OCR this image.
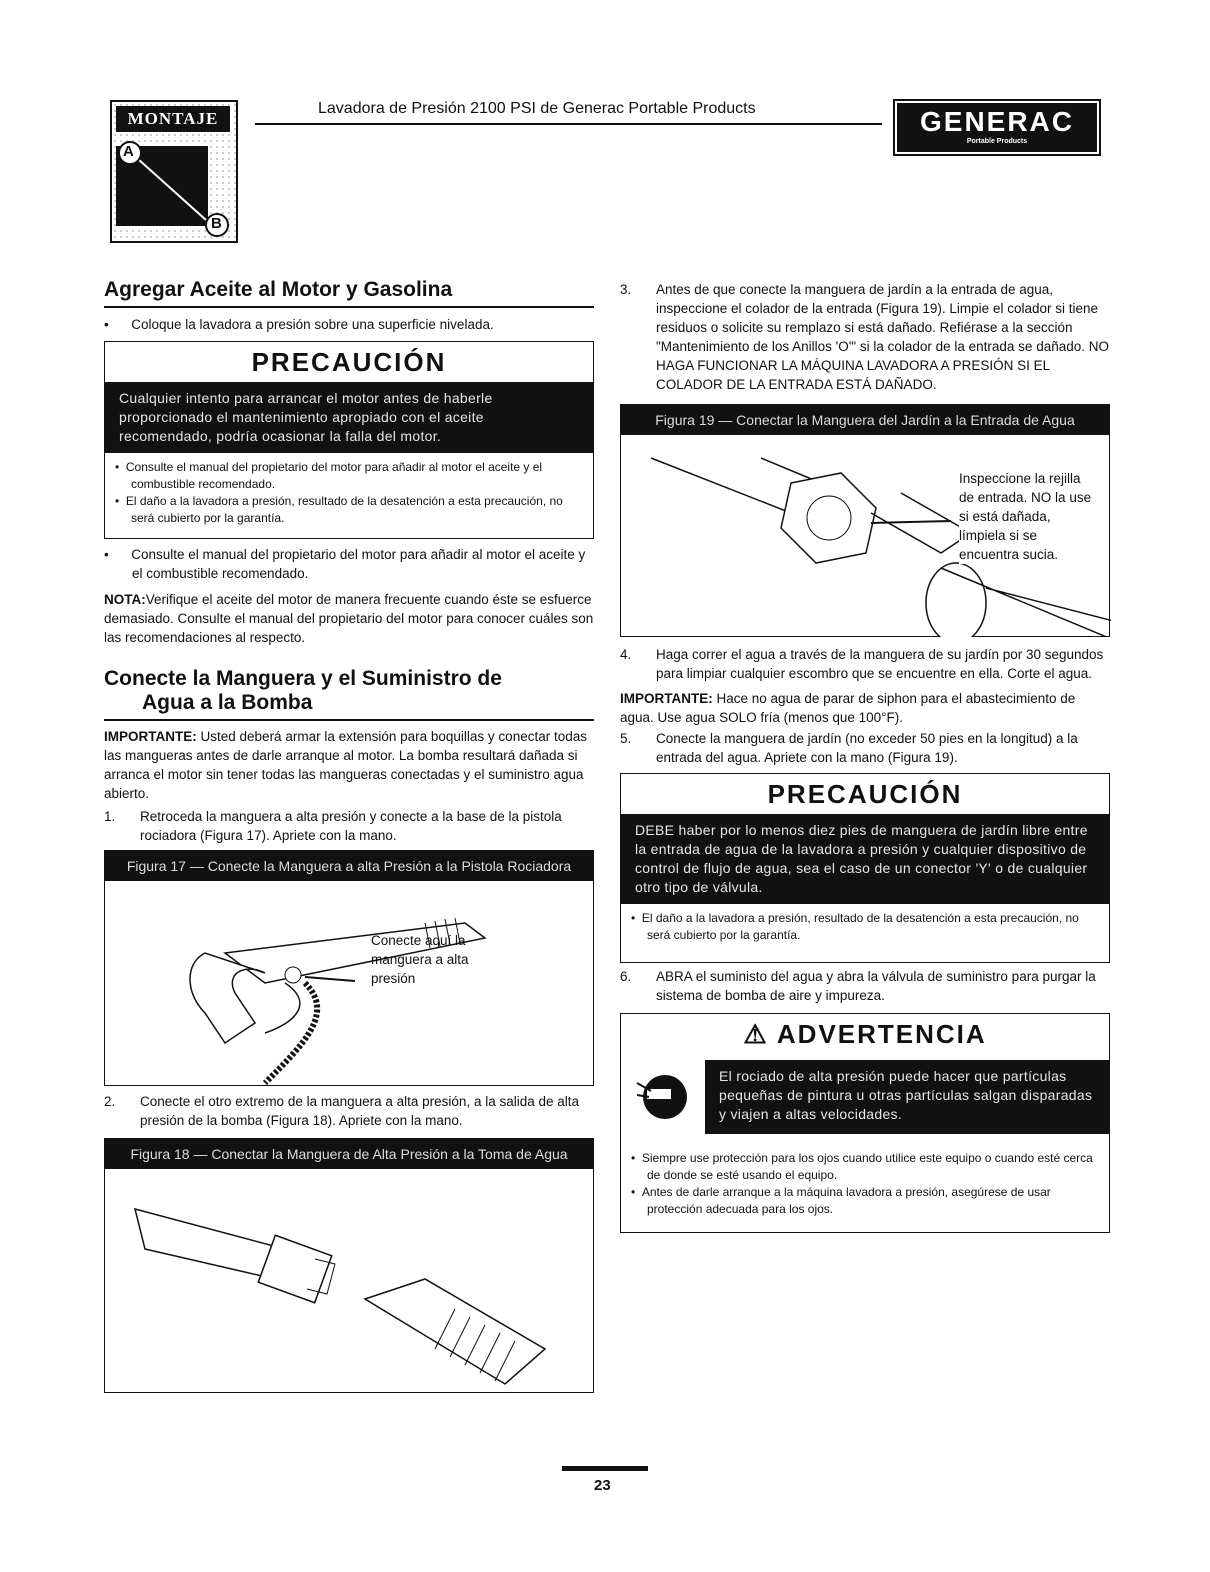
MONTAJE
A
B
Lavadora de Presión 2100 PSI de Generac Portable Products	GENERAC
Portable Products
Agregar Aceite al Motor y Gasolina
•      Coloque la lavadora a presión sobre una superficie nivelada.
PRECAUCIÓN
Cualquier intento para arrancar el motor antes de haberle proporcionado el mantenimiento apropiado con el aceite recomendado, podría ocasionar la falla del motor.
•  Consulte el manual del propietario del motor para añadir al motor el aceite y el combustible recomendado.
•  El daño a la lavadora a presión, resultado de la desatención a esta precaución, no será cubierto por la garantía.
•      Consulte el manual del propietario del motor para añadir al motor el aceite y el combustible recomendado.

NOTA:Verifique el aceite del motor de manera frecuente cuando éste se esfuerce demasiado. Consulte el manual del propietario del motor para conocer cuáles son las recomendaciones al respecto.

Conecte la Manguera y el Suministro de
Agua a la Bomba

IMPORTANTE: Usted deberá armar la extensión para boquillas y conectar todas las mangueras antes de darle arranque al motor. La bomba resultará dañada si arranca el motor sin tener todas las mangueras conectadas y el suministro agua abierto.

1. Retroceda la manguera a alta presión y conecte a la base de la pistola rociadora (Figura 17). Apriete con la mano.
Figura 17 — Conecte la Manguera a alta Presión a la Pistola Rociadora
Conecte aquí la manguera a alta presión
2. Conecte el otro extremo de la manguera a alta presión, a la salida de alta presión de la bomba (Figura 18). Apriete con la mano.
Figura 18 — Conectar la Manguera de Alta Presión a la Toma de Agua
3. Antes de que conecte la manguera de jardín a la entrada de agua, inspeccione el colador de la entrada (Figura 19). Limpie el colador si tiene residuos o solicite su remplazo si está dañado. Refiérase a la sección "Mantenimiento de los Anillos 'O'" si la colador de la entrada se dañado. NO HAGA FUNCIONAR LA MÁQUINA LAVADORA A PRESIÓN SI EL COLADOR DE LA ENTRADA ESTÁ DAÑADO.
Figura 19 — Conectar la Manguera del Jardín a la Entrada de Agua
Inspeccione la rejilla de entrada. NO la use si está dañada, límpiela si se encuentra sucia.
4. Haga correr el agua a través de la manguera de su jardín por 30 segundos para limpiar cualquier escombro que se encuentre en ella. Corte el agua.

IMPORTANTE: Hace no agua de parar de siphon para el abastecimiento de agua. Use agua SOLO fría (menos que 100°F).

5. Conecte la manguera de jardín (no exceder 50 pies en la longitud) a la entrada del agua. Apriete con la mano (Figura 19).
PRECAUCIÓN
DEBE haber por lo menos diez pies de manguera de jardín libre entre la entrada de agua de la lavadora a presión y cualquier dispositivo de control de flujo de agua, sea el caso de un conector 'Y' o de cualquier otro tipo de válvula.
•  El daño a la lavadora a presión, resultado de la desatención a esta precaución, no será cubierto por la garantía.
6. ABRA el suministo del agua y abra la válvula de suministro para purgar la sistema de bomba de aire y impureza.
⚠ ADVERTENCIA
El rociado de alta presión puede hacer que partículas pequeñas de pintura u otras partículas salgan disparadas y viajen a altas velocidades.
•  Siempre use protección para los ojos cuando utilice este equipo o cuando esté cerca de donde se esté usando el equipo.
•  Antes de darle arranque a la máquina lavadora a presión, asegúrese de usar protección adecuada para los ojos.
23
